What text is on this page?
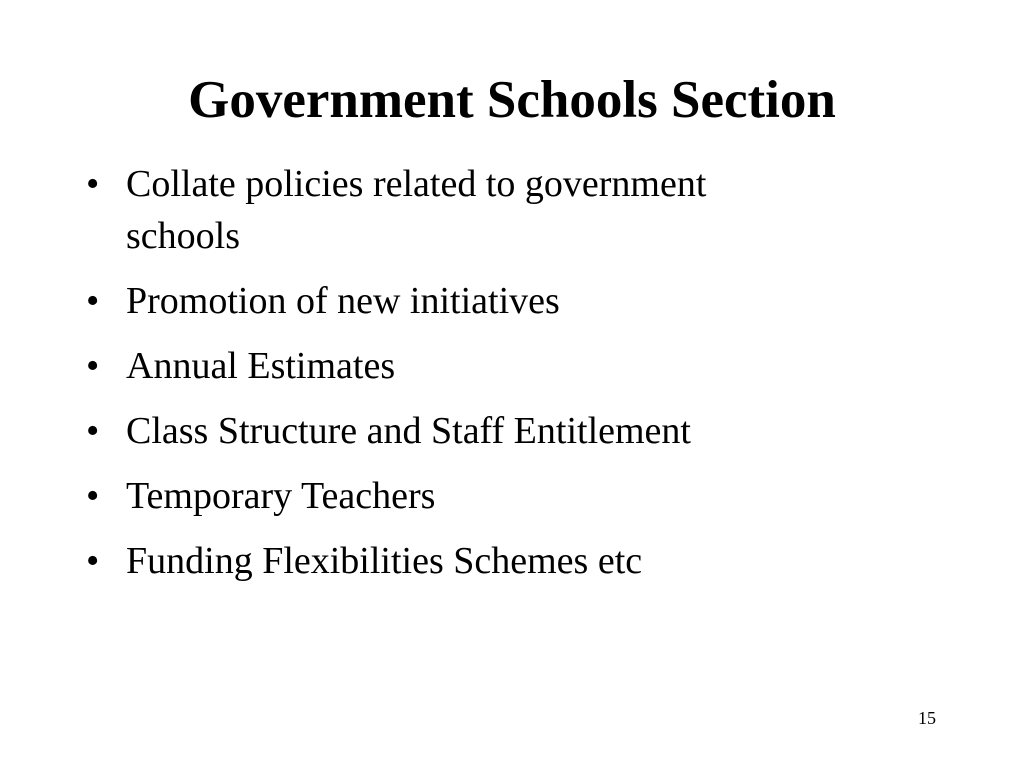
Government Schools Section
• Collate policies related to government schools
• Promotion of new initiatives
• Annual Estimates
• Class Structure and Staff Entitlement
• Temporary Teachers
• Funding Flexibilities Schemes etc
15
